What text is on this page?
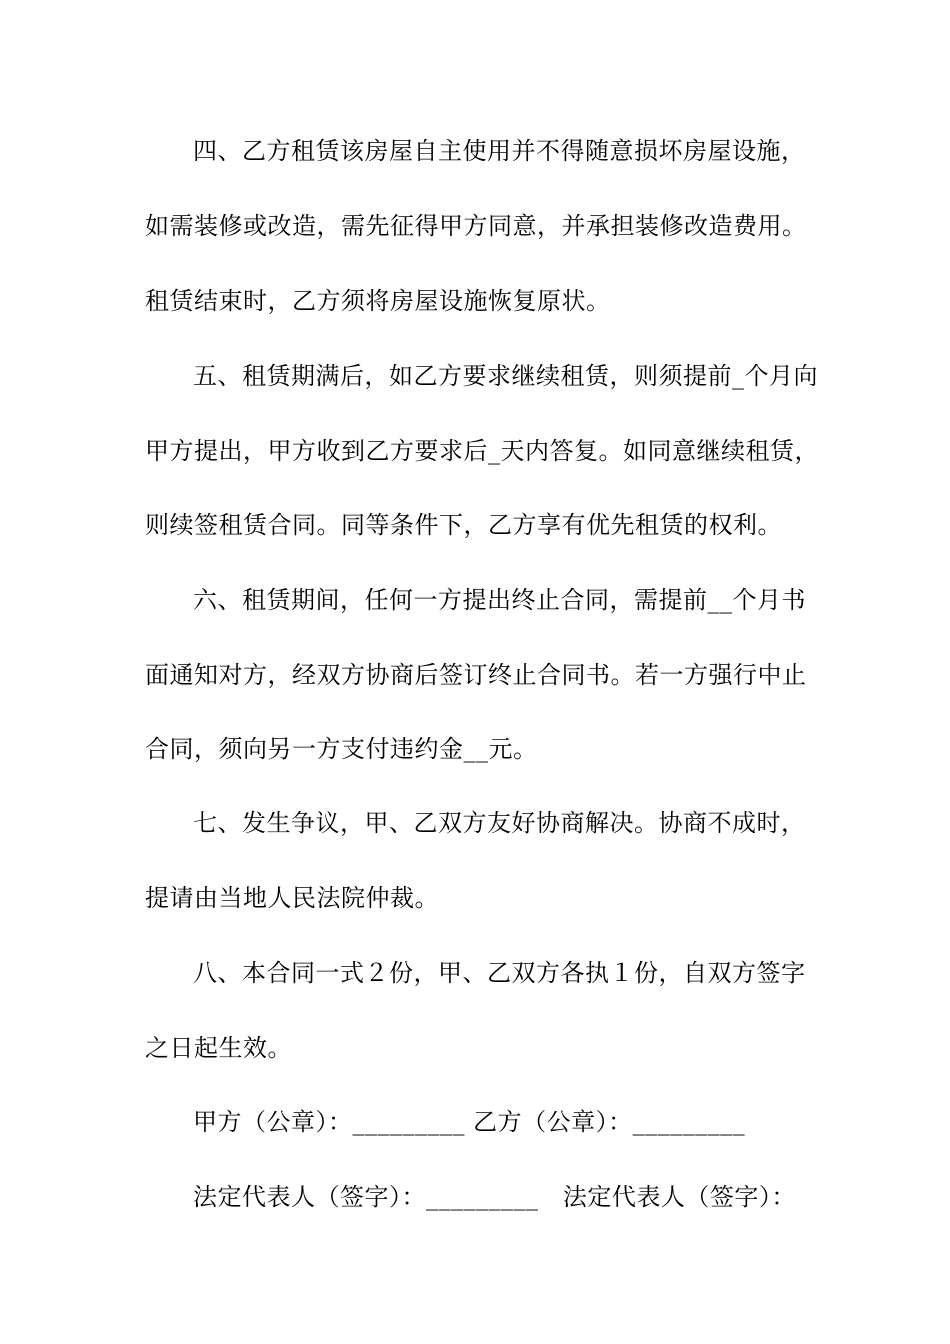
四、乙方租赁该房屋自主使用并不得随意损坏房屋设施，
如需装修或改造，需先征得甲方同意，并承担装修改造费用。
租赁结束时，乙方须将房屋设施恢复原状。
五、租赁期满后，如乙方要求继续租赁，则须提前_个月向
甲方提出，甲方收到乙方要求后_天内答复。如同意继续租赁，
则续签租赁合同。同等条件下，乙方享有优先租赁的权利。
六、租赁期间，任何一方提出终止合同，需提前__个月书
面通知对方，经双方协商后签订终止合同书。若一方强行中止
合同，须向另一方支付违约金__元。
七、发生争议，甲、乙双方友好协商解决。协商不成时，
提请由当地人民法院仲裁。
八、本合同一式２份，甲、乙双方各执１份，自双方签字
之日起生效。
甲方（公章）：_________ 乙方（公章）：_________
法定代表人（签字）：_________   法定代表人（签字）：
